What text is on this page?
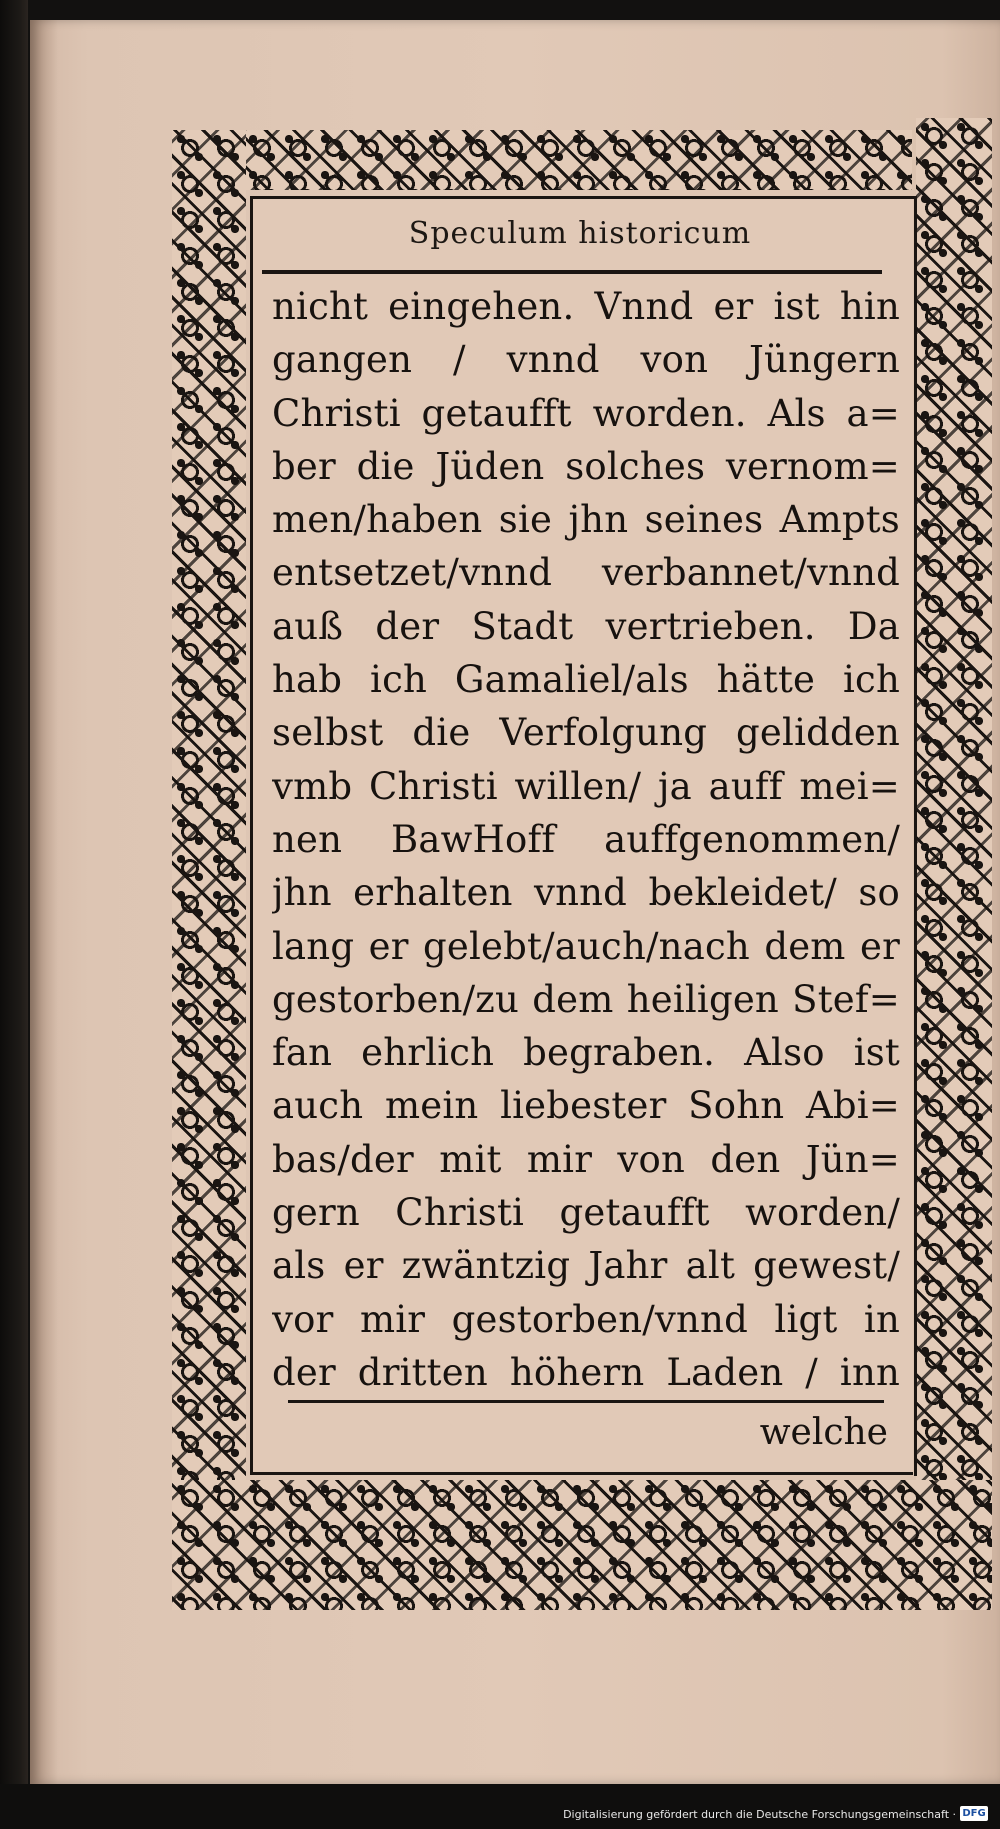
Speculum historicum
nicht eingehen. Vnnd er ist hin
gangen / vnnd von Jüngern
Christi getaufft worden. Als a=
ber die Jüden solches vernom=
men/haben sie jhn seines Ampts
entsetzet/vnnd verbannet/vnnd
auß der Stadt vertrieben. Da
hab ich Gamaliel/als hätte ich
selbst die Verfolgung gelidden
vmb Christi willen/ ja auff mei=
nen BawHoff auffgenommen/
jhn erhalten vnnd bekleidet/ so
lang er gelebt/auch/nach dem er
gestorben/zu dem heiligen Stef=
fan ehrlich begraben. Also ist
auch mein liebester Sohn Abi=
bas/der mit mir von den Jün=
gern Christi getaufft worden/
als er zwäntzig Jahr alt gewest/
vor mir gestorben/vnnd ligt in
der dritten höhern Laden / inn
welche
Digitalisierung gefördert durch die Deutsche Forschungsgemeinschaft · DFG
